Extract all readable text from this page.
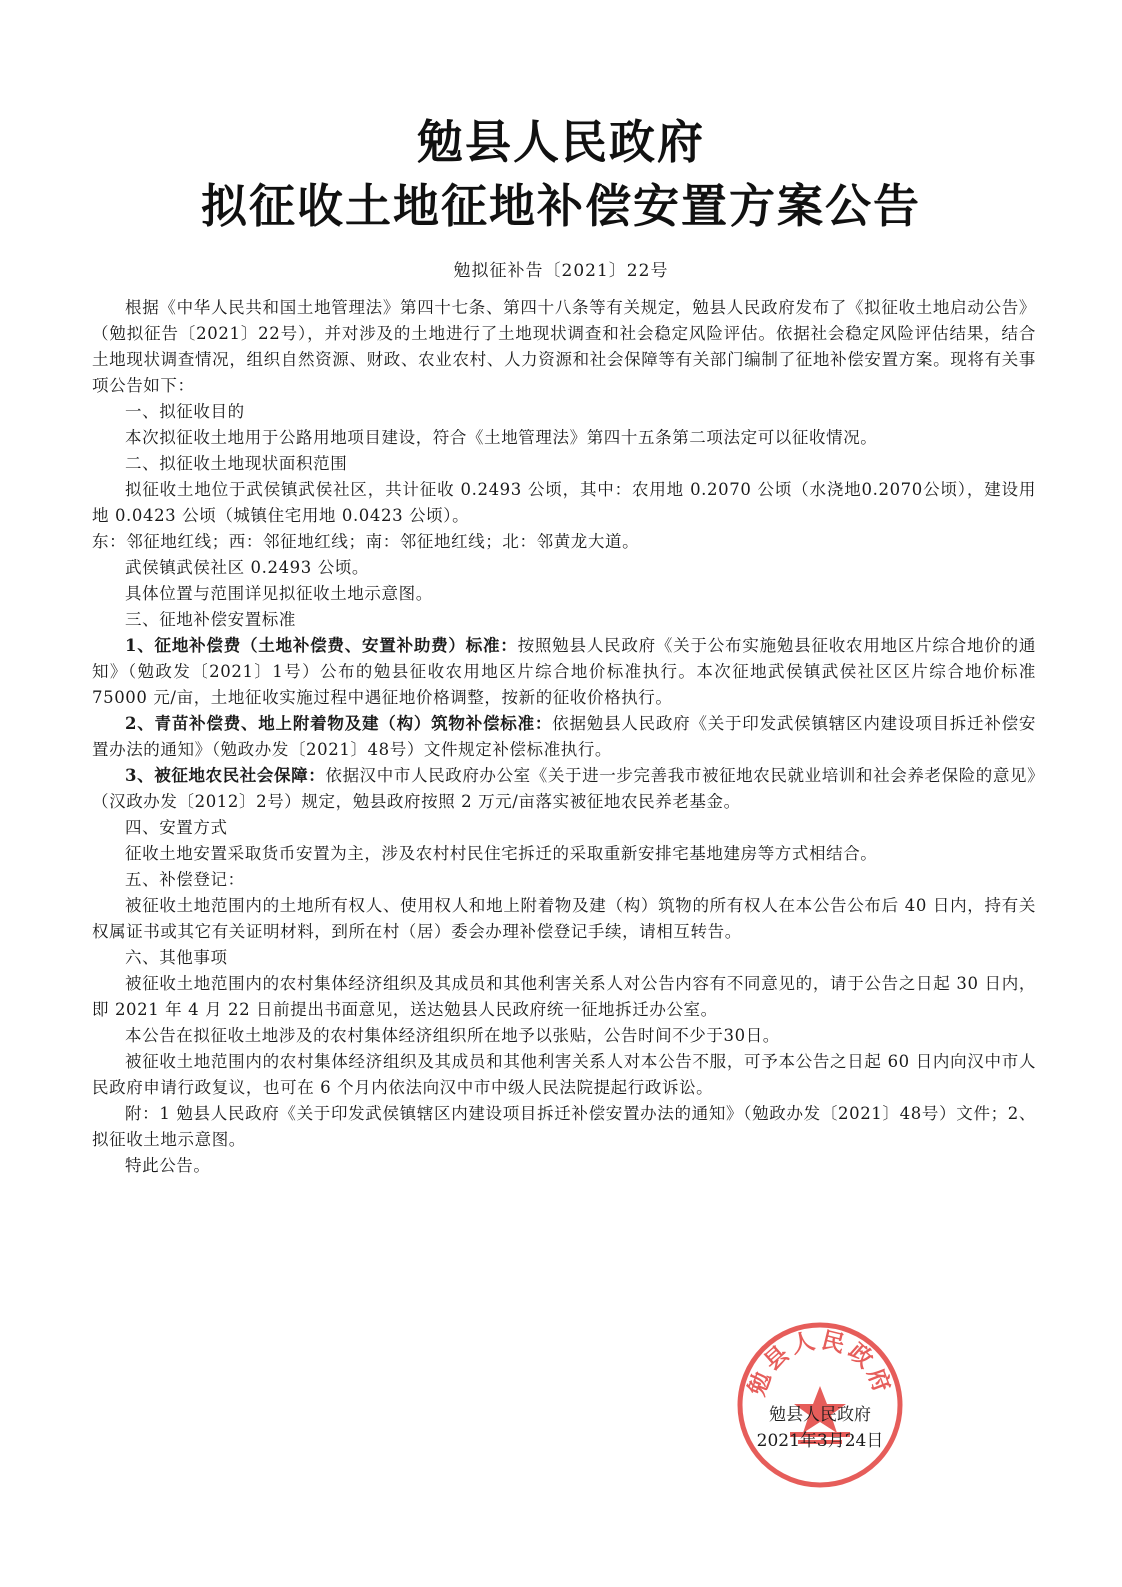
勉县人民政府
拟征收土地征地补偿安置方案公告
勉拟征补告〔2021〕22号

根据《中华人民共和国土地管理法》第四十七条、第四十八条等有关规定，勉县人民政府发布了《拟征收土地启动公告》（勉拟征告〔2021〕22号），并对涉及的土地进行了土地现状调查和社会稳定风险评估。依据社会稳定风险评估结果，结合土地现状调查情况，组织自然资源、财政、农业农村、人力资源和社会保障等有关部门编制了征地补偿安置方案。现将有关事项公告如下：

一、拟征收目的

本次拟征收土地用于公路用地项目建设，符合《土地管理法》第四十五条第二项法定可以征收情况。

二、拟征收土地现状面积范围

拟征收土地位于武侯镇武侯社区，共计征收 0.2493 公顷，其中：农用地 0.2070 公顷（水浇地0.2070公顷），建设用地 0.0423 公顷（城镇住宅用地 0.0423 公顷）。

东：邻征地红线；西：邻征地红线；南：邻征地红线；北：邻黄龙大道。

武侯镇武侯社区 0.2493 公顷。

具体位置与范围详见拟征收土地示意图。

三、征地补偿安置标准

1、征地补偿费（土地补偿费、安置补助费）标准：按照勉县人民政府《关于公布实施勉县征收农用地区片综合地价的通知》（勉政发〔2021〕1号）公布的勉县征收农用地区片综合地价标准执行。本次征地武侯镇武侯社区区片综合地价标准 75000 元/亩，土地征收实施过程中遇征地价格调整，按新的征收价格执行。

2、青苗补偿费、地上附着物及建（构）筑物补偿标准：依据勉县人民政府《关于印发武侯镇辖区内建设项目拆迁补偿安置办法的通知》（勉政办发〔2021〕48号）文件规定补偿标准执行。

3、被征地农民社会保障：依据汉中市人民政府办公室《关于进一步完善我市被征地农民就业培训和社会养老保险的意见》（汉政办发〔2012〕2号）规定，勉县政府按照 2 万元/亩落实被征地农民养老基金。

四、安置方式

征收土地安置采取货币安置为主，涉及农村村民住宅拆迁的采取重新安排宅基地建房等方式相结合。

五、补偿登记：

被征收土地范围内的土地所有权人、使用权人和地上附着物及建（构）筑物的所有权人在本公告公布后 40 日内，持有关权属证书或其它有关证明材料，到所在村（居）委会办理补偿登记手续，请相互转告。

六、其他事项

被征收土地范围内的农村集体经济组织及其成员和其他利害关系人对公告内容有不同意见的，请于公告之日起 30 日内，即 2021 年 4 月 22 日前提出书面意见，送达勉县人民政府统一征地拆迁办公室。

本公告在拟征收土地涉及的农村集体经济组织所在地予以张贴，公告时间不少于30日。

被征收土地范围内的农村集体经济组织及其成员和其他利害关系人对本公告不服，可予本公告之日起 60 日内向汉中市人民政府申请行政复议，也可在 6 个月内依法向汉中市中级人民法院提起行政诉讼。

附：1 勉县人民政府《关于印发武侯镇辖区内建设项目拆迁补偿安置办法的通知》（勉政办发〔2021〕48号）文件；2、拟征收土地示意图。

特此公告。

勉县人民政府
勉县人民政府
2021年3月24日
